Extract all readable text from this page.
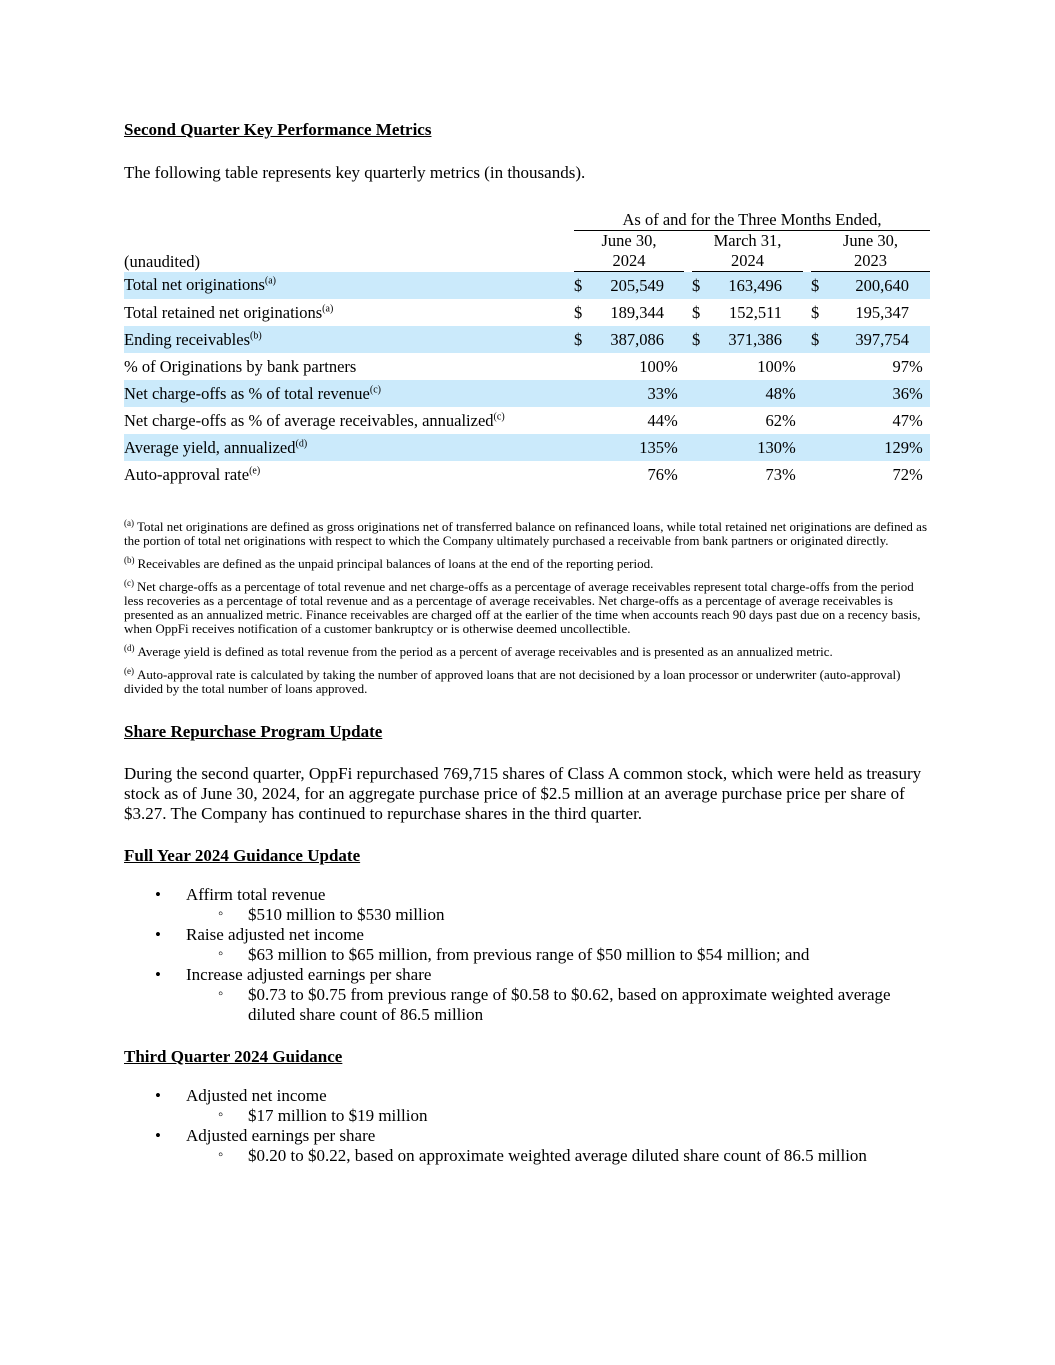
Second Quarter Key Performance Metrics

The following table represents key quarterly metrics (in thousands).

	As of and for the Three Months Ended,										
	June 30,				March 31,				June 30,		
(unaudited)	2024				2024				2023		
Total net originations$^{(a)}$	$	205,549			$	163,496			$	200,640	
Total retained net originations$^{(a)}$	$	189,344			$	152,511			$	195,347	
Ending receivables$^{(b)}$	$	387,086			$	371,386			$	397,754	
% of Originations by bank partners		100	%			100	%			97	%
Net charge-offs as % of total revenue$^{(c)}$		33	%			48	%			36	%
Net charge-offs as % of average receivables, annualized$^{(c)}$		44	%			62	%			47	%
Average yield, annualized$^{(d)}$		135	%			130	%			129	%
Auto-approval rate$^{(e)}$		76	%			73	%			72	%

$^{(a)}$ Total net originations are defined as gross originations net of transferred balance on refinanced loans, while total retained net originations are defined as the portion of total net originations with respect to which the Company ultimately purchased a receivable from bank partners or originated directly.

$^{(b)}$ Receivables are defined as the unpaid principal balances of loans at the end of the reporting period.

$^{(c)}$ Net charge-offs as a percentage of total revenue and net charge-offs as a percentage of average receivables represent total charge-offs from the period less recoveries as a percentage of total revenue and as a percentage of average receivables. Net charge-offs as a percentage of average receivables is presented as an annualized metric. Finance receivables are charged off at the earlier of the time when accounts reach 90 days past due on a recency basis, when OppFi receives notification of a customer bankruptcy or is otherwise deemed uncollectible.

$^{(d)}$ Average yield is defined as total revenue from the period as a percent of average receivables and is presented as an annualized metric.

$^{(e)}$ Auto-approval rate is calculated by taking the number of approved loans that are not decisioned by a loan processor or underwriter (auto-approval) divided by the total number of loans approved.

Share Repurchase Program Update

During the second quarter, OppFi repurchased 769,715 shares of Class A common stock, which were held as treasury stock as of June 30, 2024, for an aggregate purchase price of $2.5 million at an average purchase price per share of $3.27. The Company has continued to repurchase shares in the third quarter.

Full Year 2024 Guidance Update
• Affirm total revenue
◦ $510 million to $530 million
• Raise adjusted net income
◦ $63 million to $65 million, from previous range of $50 million to $54 million; and
• Increase adjusted earnings per share
◦ $0.73 to $0.75 from previous range of $0.58 to $0.62, based on approximate weighted average diluted share count of 86.5 million
Third Quarter 2024 Guidance
• Adjusted net income
◦ $17 million to $19 million
• Adjusted earnings per share
◦ $0.20 to $0.22, based on approximate weighted average diluted share count of 86.5 million
